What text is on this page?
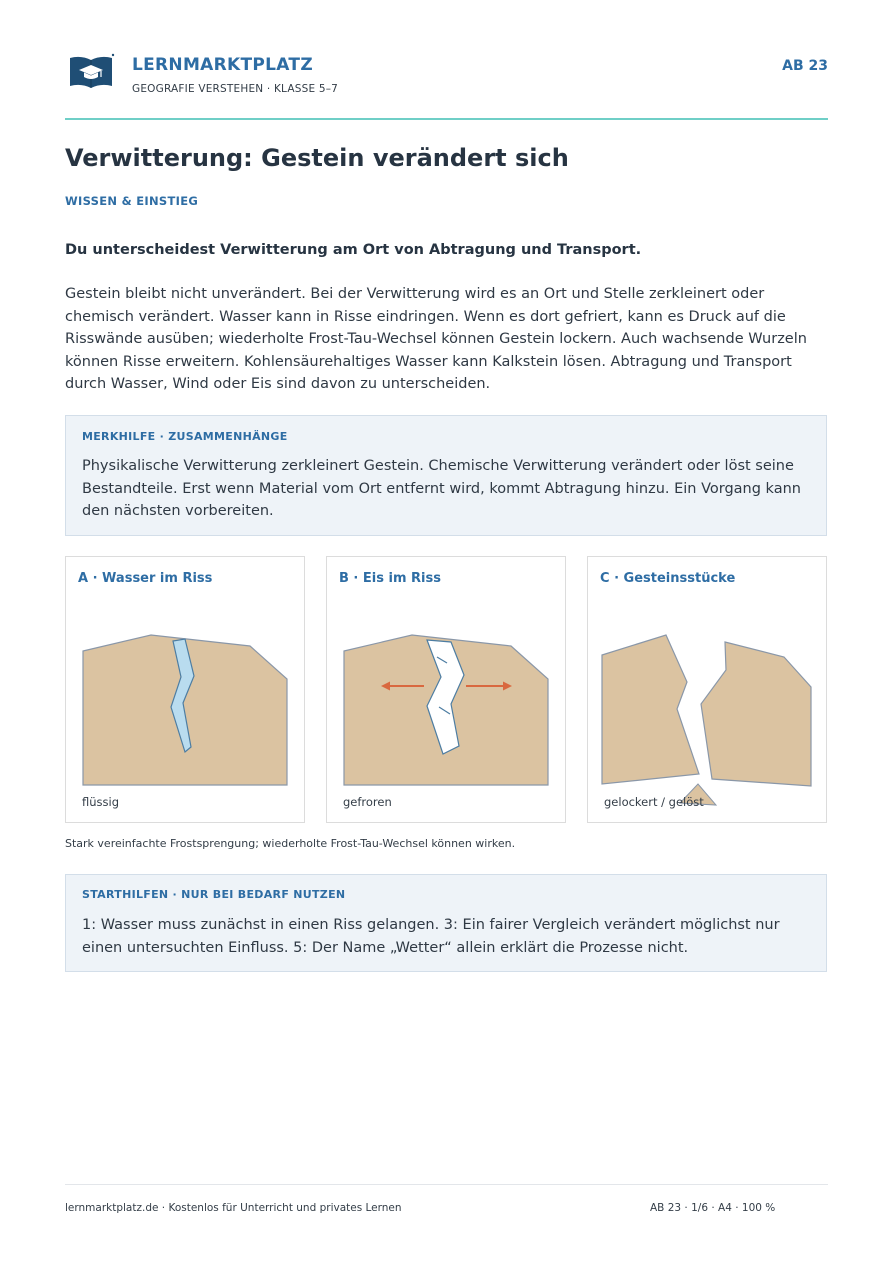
LERNMARKTPLATZ
GEOGRAFIE VERSTEHEN · KLASSE 5–7
AB 23
Verwitterung: Gestein verändert sich
WISSEN & EINSTIEG
Du unterscheidest Verwitterung am Ort von Abtragung und Transport.

Gestein bleibt nicht unverändert. Bei der Verwitterung wird es an Ort und Stelle zerkleinert oder chemisch verändert. Wasser kann in Risse eindringen. Wenn es dort gefriert, kann es Druck auf die Risswände ausüben; wiederholte Frost-Tau-Wechsel können Gestein lockern. Auch wachsende Wurzeln können Risse erweitern. Kohlensäurehaltiges Wasser kann Kalkstein lösen. Abtragung und Transport durch Wasser, Wind oder Eis sind davon zu unterscheiden.

MERKHILFE · ZUSAMMENHÄNGE

Physikalische Verwitterung zerkleinert Gestein. Chemische Verwitterung verändert oder löst seine Bestandteile. Erst wenn Material vom Ort entfernt wird, kommt Abtragung hinzu. Ein Vorgang kann den nächsten vorbereiten.

A · Wasser im Riss
flüssig
B · Eis im Riss
gefroren
C · Gesteinsstücke
gelockert / gelöst
Stark vereinfachte Frostsprengung; wiederholte Frost-Tau-Wechsel können wirken.
STARTHILFEN · NUR BEI BEDARF NUTZEN

1: Wasser muss zunächst in einen Riss gelangen. 3: Ein fairer Vergleich verändert möglichst nur einen untersuchten Einfluss. 5: Der Name „Wetter“ allein erklärt die Prozesse nicht.

lernmarktplatz.de · Kostenlos für Unterricht und privates Lernen	AB 23 · 1/6 · A4 · 100 %
